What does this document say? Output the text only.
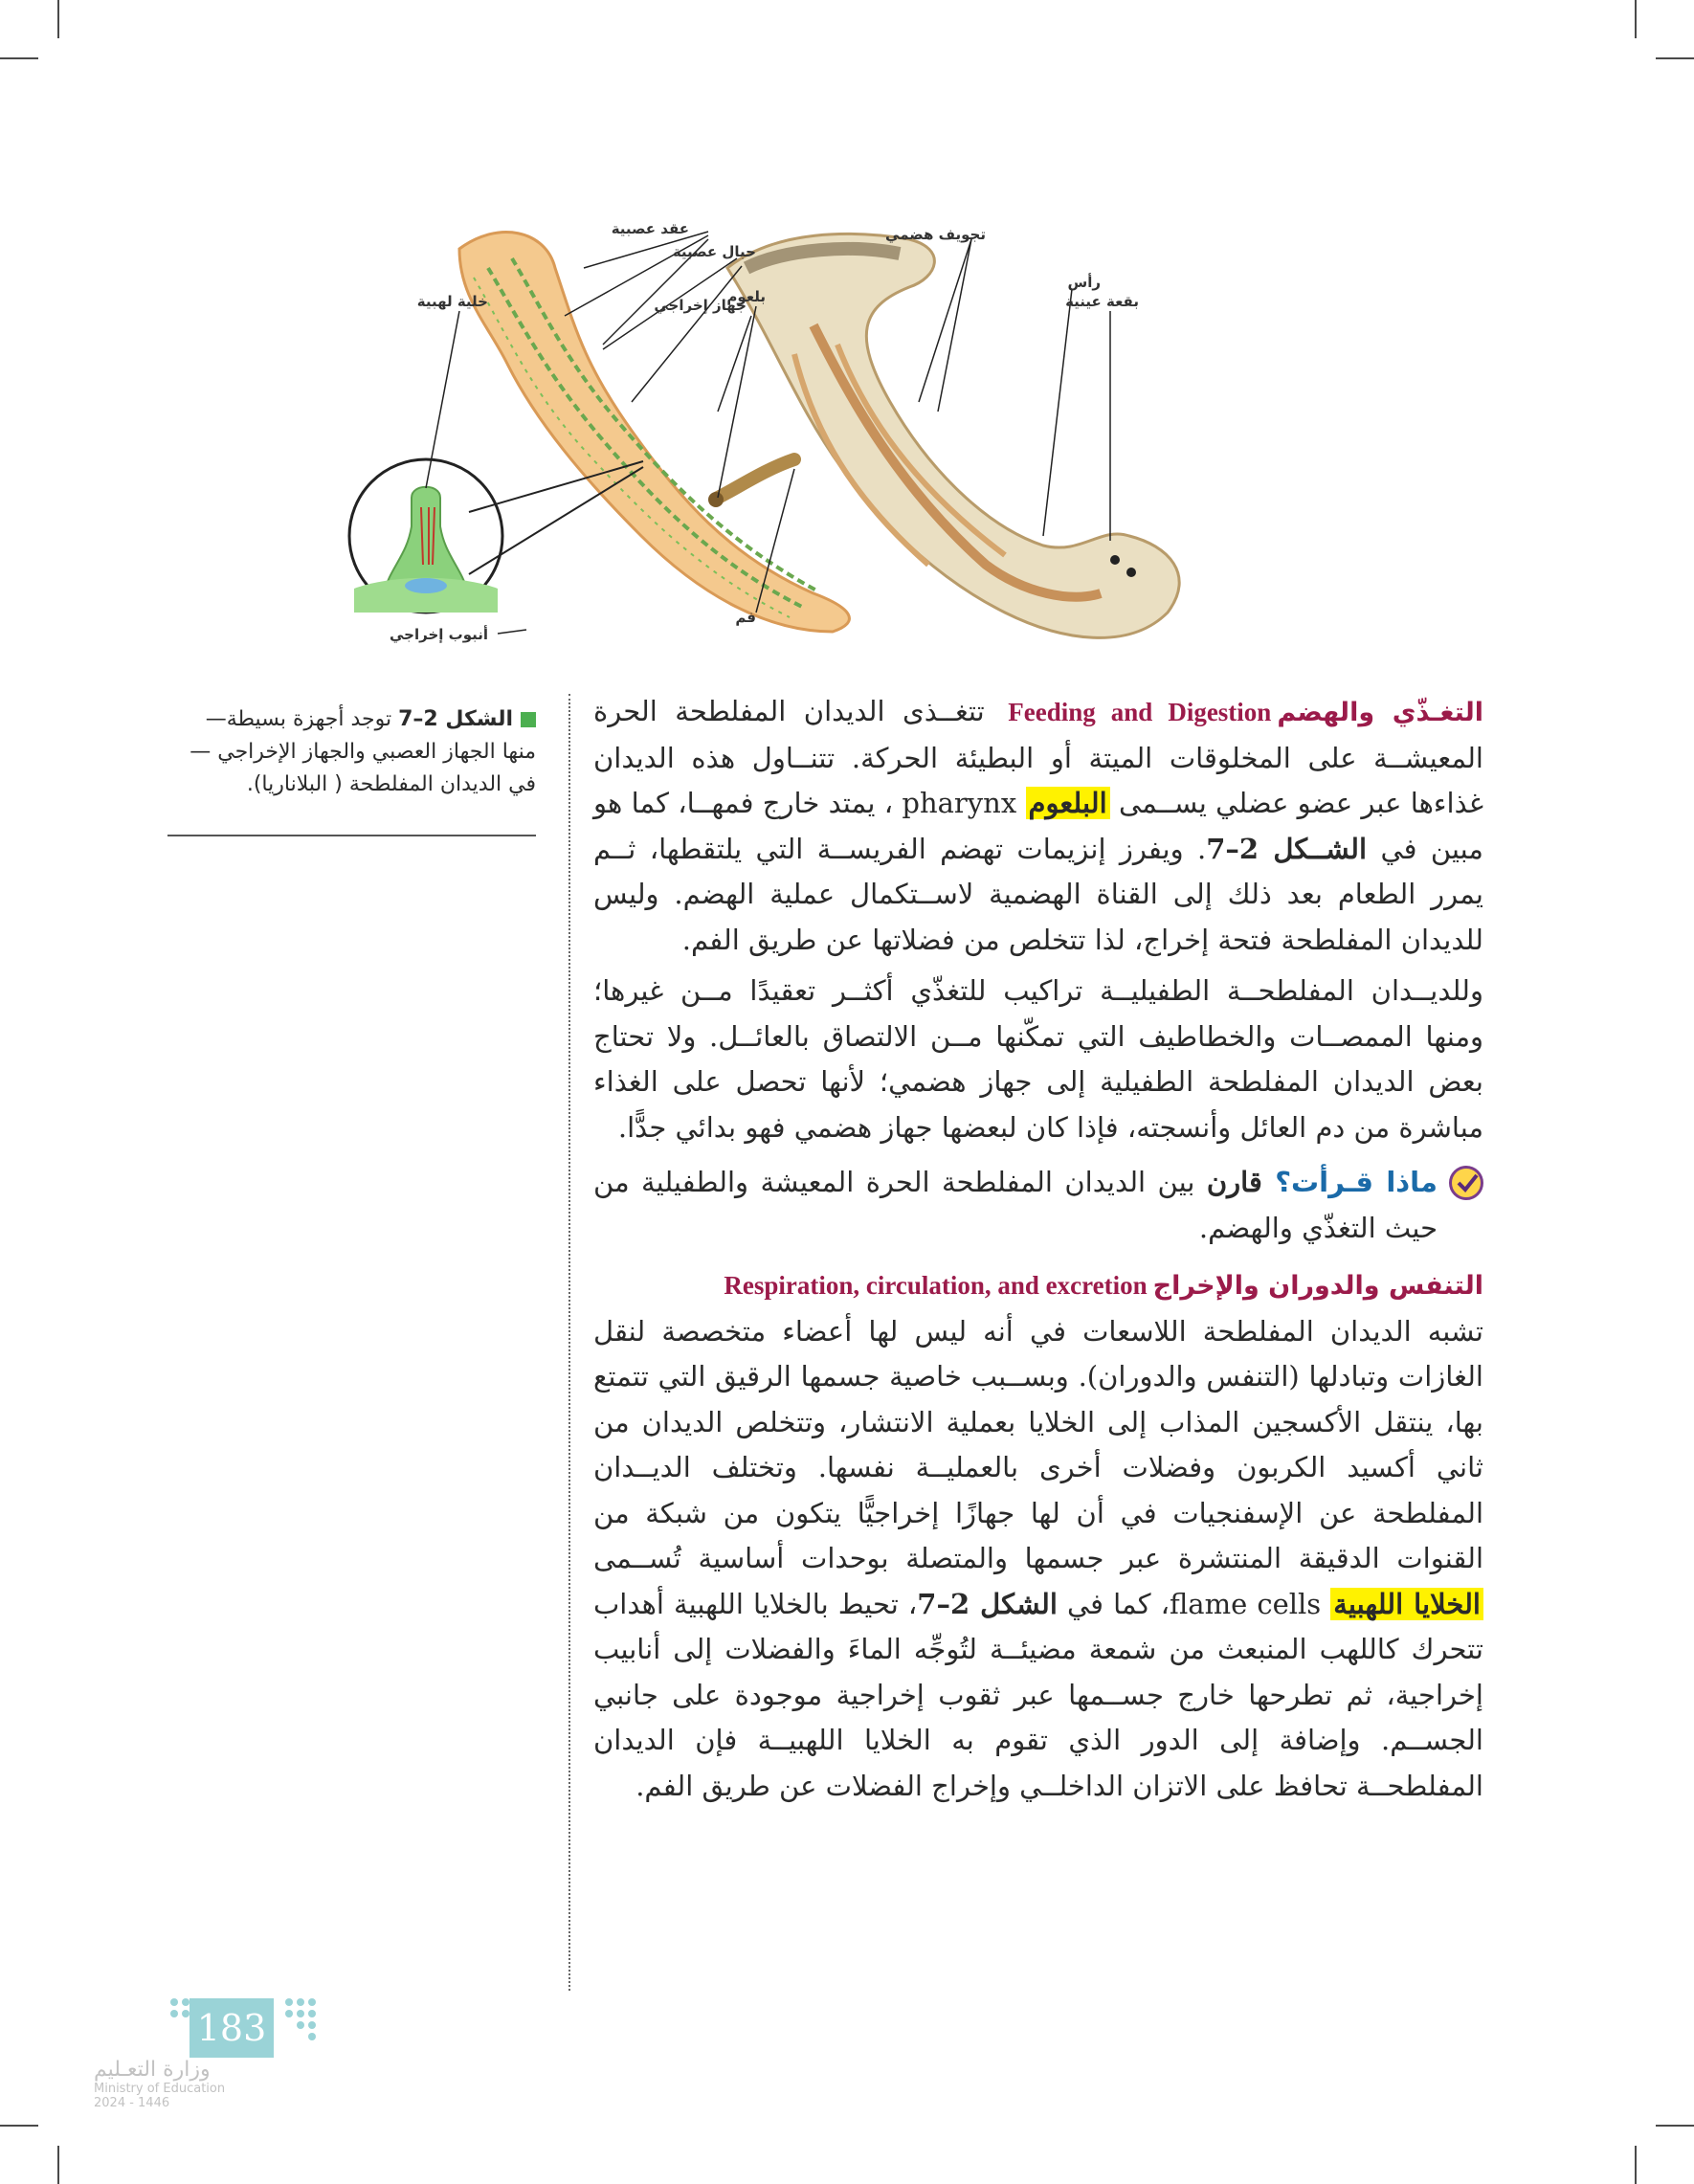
عقد عصبية
حبال عصبية
جهاز إخراجي
خلية لهبية
أنبوب إخراجي
تجويف هضمي
رأس
بقعة عينية
بلعوم
فم

التغـذّي والهضمFeeding and Digestion تتغــذى الديدان المفلطحة الحرة المعيشــة على المخلوقات الميتة أو البطيئة الحركة. تتنــاول هذه الديدان غذاءها عبر عضو عضلي يســمى البلعوم pharynx ، يمتد خارج فمهــا، كما هو مبين في الشــكل 2–7. ويفرز إنزيمات تهضم الفريســة التي يلتقطها، ثــم يمرر الطعام بعد ذلك إلى القناة الهضمية لاســتكمال عملية الهضم. وليس للديدان المفلطحة فتحة إخراج، لذا تتخلص من فضلاتها عن طريق الفم.

وللديــدان المفلطحــة الطفيليــة تراكيب للتغذّي أكثــر تعقيدًا مــن غيرها؛ ومنها الممصــات والخطاطيف التي تمكّنها مــن الالتصاق بالعائــل. ولا تحتاج بعض الديدان المفلطحة الطفيلية إلى جهاز هضمي؛ لأنها تحصل على الغذاء مباشرة من دم العائل وأنسجته، فإذا كان لبعضها جهاز هضمي فهو بدائي جدًّا.

ماذا قـرأت؟ قارن بين الديدان المفلطحة الحرة المعيشة والطفيلية من حيث التغذّي والهضم.

التنفس والدوران والإخراجRespiration, circulation, and excretion

تشبه الديدان المفلطحة اللاسعات في أنه ليس لها أعضاء متخصصة لنقل الغازات وتبادلها (التنفس والدوران). وبســبب خاصية جسمها الرقيق التي تتمتع بها، ينتقل الأكسجين المذاب إلى الخلايا بعملية الانتشار، وتتخلص الديدان من ثاني أكسيد الكربون وفضلات أخرى بالعمليــة نفسها. وتختلف الديــدان المفلطحة عن الإسفنجيات في أن لها جهازًا إخراجيًّا يتكون من شبكة من القنوات الدقيقة المنتشرة عبر جسمها والمتصلة بوحدات أساسية تُســمى الخلايا اللهبية flame cells، كما في الشكل 2–7، تحيط بالخلايا اللهبية أهداب تتحرك كاللهب المنبعث من شمعة مضيئــة لتُوجِّه الماءَ والفضلات إلى أنابيب إخراجية، ثم تطرحها خارج جســمها عبر ثقوب إخراجية موجودة على جانبي الجســم. وإضافة إلى الدور الذي تقوم به الخلايا اللهبيــة فإن الديدان المفلطحــة تحافظ على الاتزان الداخلــي وإخراج الفضلات عن طريق الفم.

الشكل 2–7 توجد أجهزة بسيطة— منها الجهاز العصبي والجهاز الإخراجي — في الديدان المفلطحة ( البلاناريا).
183
وزارة التعـليم
Ministry of Education
2024 - 1446
